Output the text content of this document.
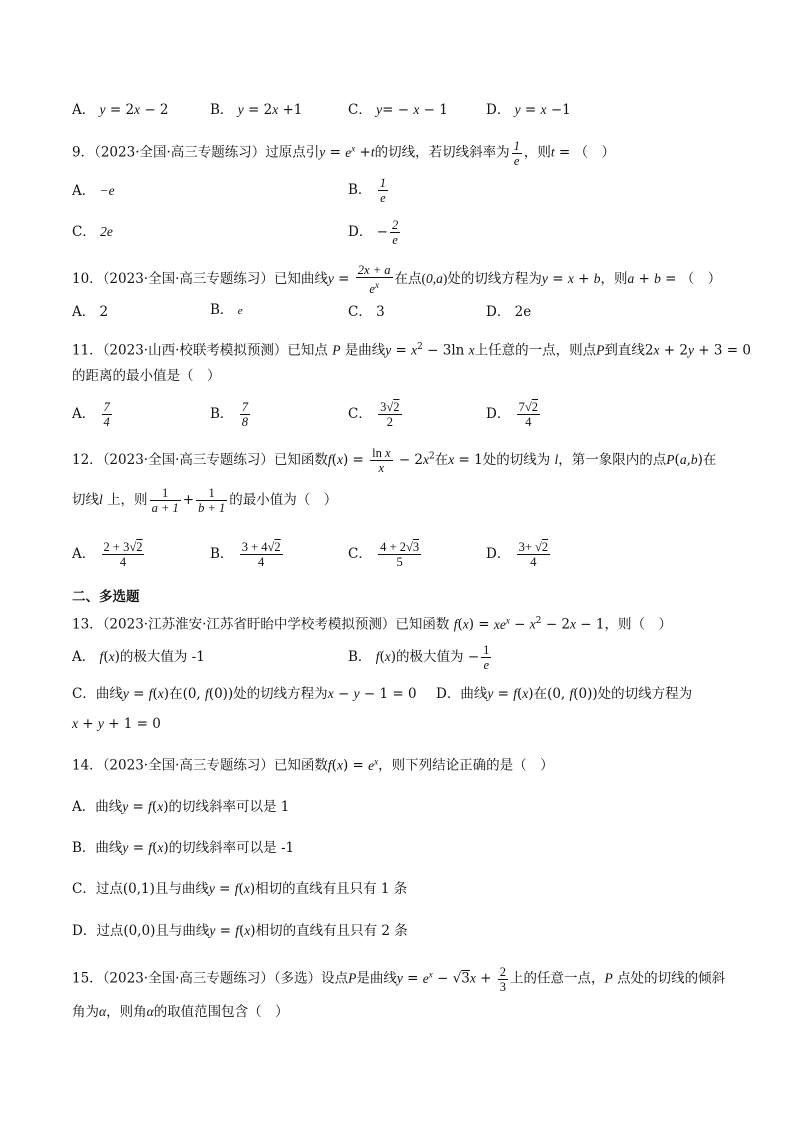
A． y = 2x − 2	B． y = 2x +1	C． y= − x − 1	D． y = x −1
9．（2023·全国·高三专题练习）过原点引$y = e^x +t$的切线，若切线斜率为 $\frac{1}{e}$ ，则t = （　）
A． −e	B． $\frac{1}{e}$
C． 2e	D． − $\frac{2}{e}$
10．（2023·全国·高三专题练习）已知曲线$y = \frac{2x + a}{e^x}$ 在点(0,a)处的切线方程为y = x + b，则a + b = （　）
A． 2	B． e	C． 3	D． 2e
11．（2023·山西·校联考模拟预测）已知点 P 是曲线$y = x^2 - 3\ln$ x上任意的一点，则点P到直线2x + 2y + 3 = 0
的距离的最小值是（　）
A． $\frac{7}{4}$	B． $\frac{7}{8}$	C． $\frac{3√2}{2}$	D． $\frac{7√2}{4}$
12．（2023·全国·高三专题练习）已知函数$f(x) = \frac{\text{ln x}}{x} - 2x^2$在x = 1处的切线为 l，第一象限内的点P(a,b)在
切线l 上，则 $\frac{1}{a + 1} + \frac{1}{b + 1}$ 的最小值为（　）
A． $\frac{2 + 3√2}{4}$	B． $\frac{3 + 4√2}{4}$	C． $\frac{4 + 2√3}{5}$	D． $\frac{3+ √2}{4}$
二、多选题
13．（2023·江苏淮安·江苏省盱眙中学校考模拟预测）已知函数 $f(x) = xe^x - x^2 - 2x - 1$，则（　）
A． f(x)的极大值为 -1	B． f(x)的极大值为 − $\frac{1}{e}$
C．曲线y = f(x)在(0, f(0))处的切线方程为x − y − 1 = 0 D．曲线y = f(x)在(0, f(0))处的切线方程为
x + y + 1 = 0
14．（2023·全国·高三专题练习）已知函数$f(x) = e^x$，则下列结论正确的是（　）
A．曲线y = f(x)的切线斜率可以是 1
B．曲线y = f(x)的切线斜率可以是 -1
C．过点(0,1)且与曲线y = f(x)相切的直线有且只有 1 条
D．过点(0,0)且与曲线y = f(x)相切的直线有且只有 2 条
15．（2023·全国·高三专题练习）（多选）设点P是曲线$y = e^x - √3x + \frac{2}{3}$ 上的任意一点，P 点处的切线的倾斜
角为α，则角α的取值范围包含（　）
